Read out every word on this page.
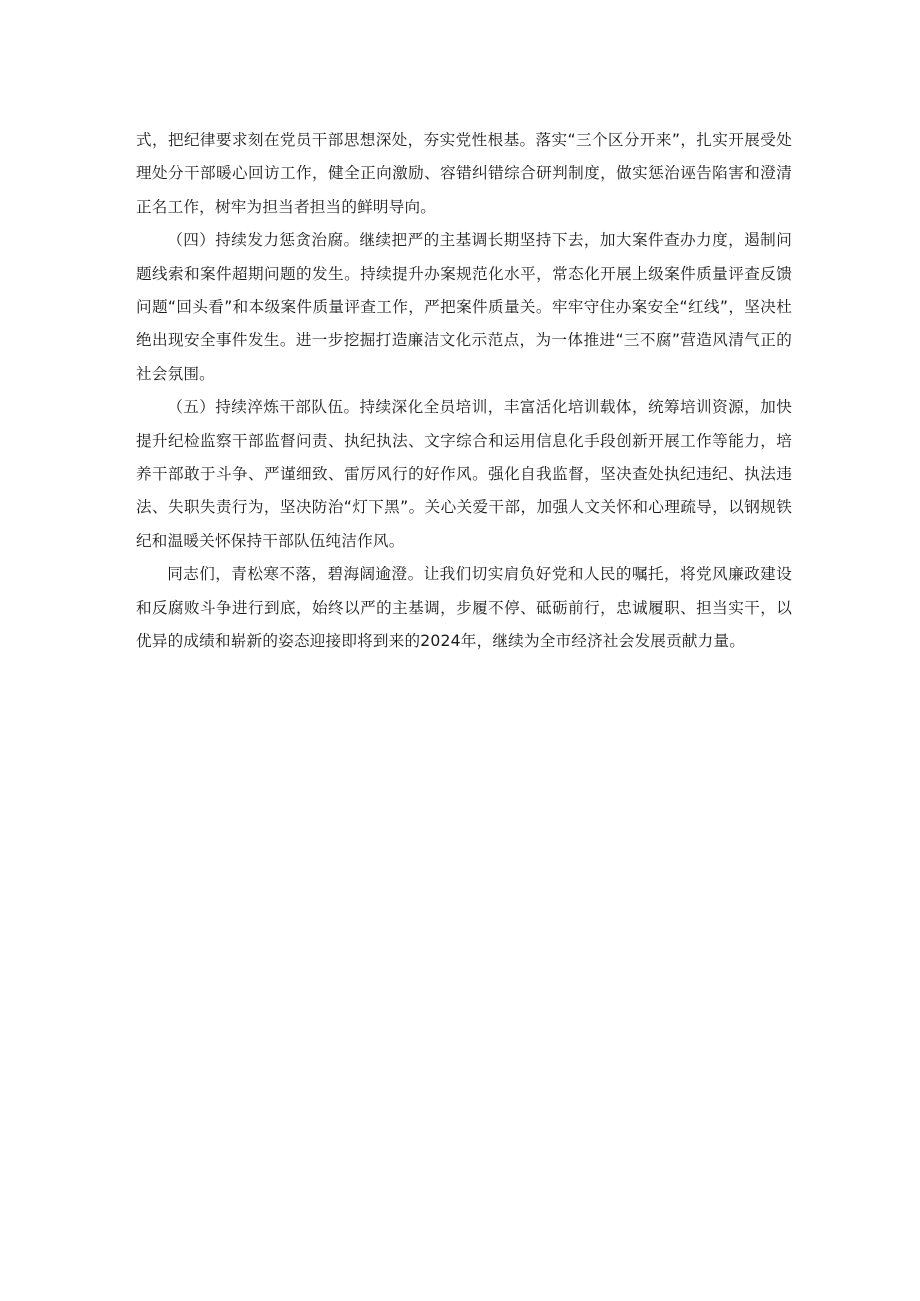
式，把纪律要求刻在党员干部思想深处，夯实党性根基。落实“三个区分开来”，扎实开展受处理处分干部暖心回访工作，健全正向激励、容错纠错综合研判制度，做实惩治诬告陷害和澄清正名工作，树牢为担当者担当的鲜明导向。

（四）持续发力惩贪治腐。继续把严的主基调长期坚持下去，加大案件查办力度，遏制问题线索和案件超期问题的发生。持续提升办案规范化水平，常态化开展上级案件质量评查反馈问题“回头看”和本级案件质量评查工作，严把案件质量关。牢牢守住办案安全“红线”，坚决杜绝出现安全事件发生。进一步挖掘打造廉洁文化示范点，为一体推进“三不腐”营造风清气正的社会氛围。

（五）持续淬炼干部队伍。持续深化全员培训，丰富活化培训载体，统筹培训资源，加快提升纪检监察干部监督问责、执纪执法、文字综合和运用信息化手段创新开展工作等能力，培养干部敢于斗争、严谨细致、雷厉风行的好作风。强化自我监督，坚决查处执纪违纪、执法违法、失职失责行为，坚决防治“灯下黑”。关心关爱干部，加强人文关怀和心理疏导，以钢规铁纪和温暖关怀保持干部队伍纯洁作风。

同志们，青松寒不落，碧海阔逾澄。让我们切实肩负好党和人民的嘱托，将党风廉政建设和反腐败斗争进行到底，始终以严的主基调，步履不停、砥砺前行，忠诚履职、担当实干，以优异的成绩和崭新的姿态迎接即将到来的2024年，继续为全市经济社会发展贡献力量。
